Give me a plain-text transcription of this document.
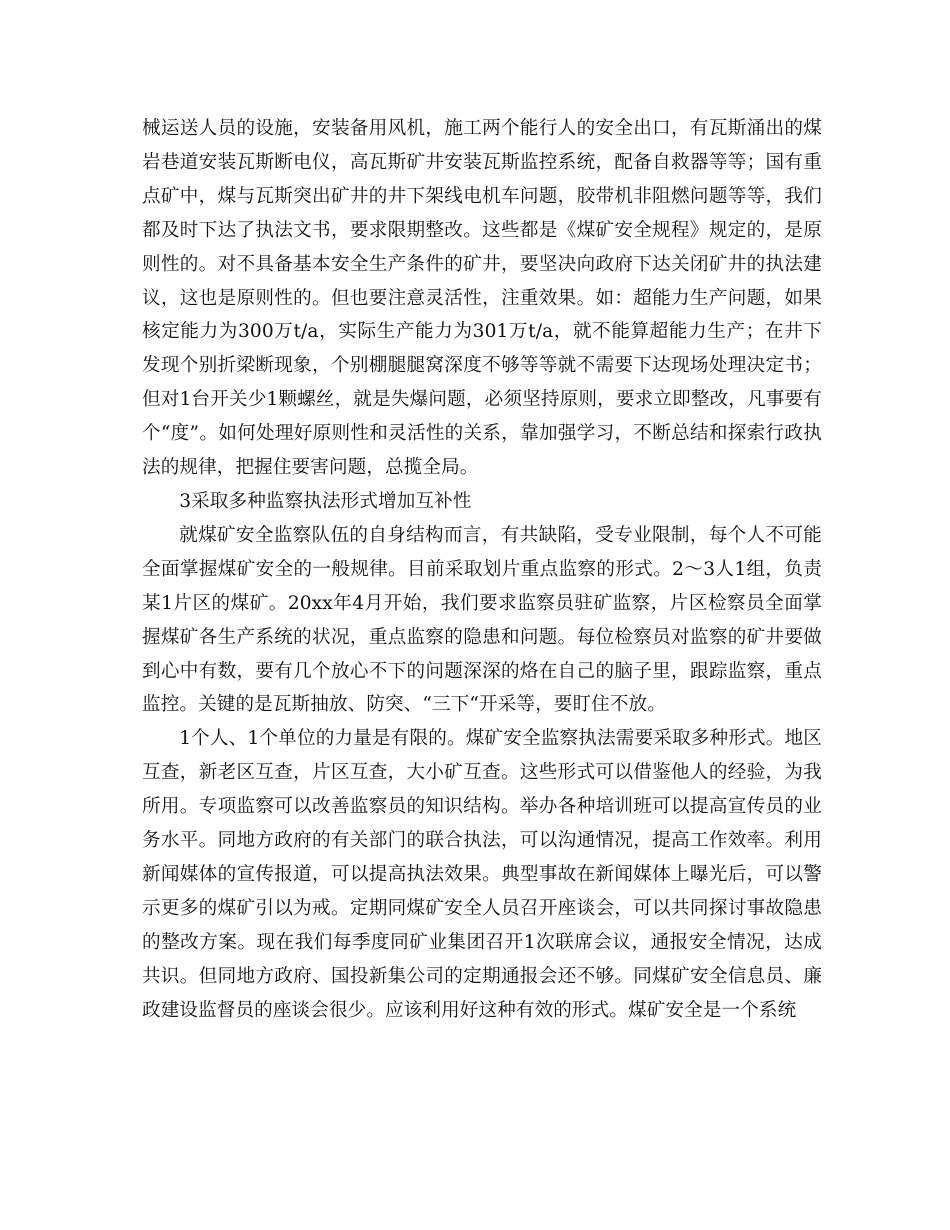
械运送人员的设施，安装备用风机，施工两个能行人的安全出口，有瓦斯涌出的煤岩巷道安装瓦斯断电仪，高瓦斯矿井安装瓦斯监控系统，配备自救器等等；国有重点矿中，煤与瓦斯突出矿井的井下架线电机车问题，胶带机非阻燃问题等等，我们都及时下达了执法文书，要求限期整改。这些都是《煤矿安全规程》规定的，是原则性的。对不具备基本安全生产条件的矿井，要坚决向政府下达关闭矿井的执法建议，这也是原则性的。但也要注意灵活性，注重效果。如：超能力生产问题，如果核定能力为300万t/a，实际生产能力为301万t/a，就不能算超能力生产；在井下发现个别折梁断现象，个别棚腿腿窝深度不够等等就不需要下达现场处理决定书；但对1台开关少1颗螺丝，就是失爆问题，必须坚持原则，要求立即整改，凡事要有个“度”。如何处理好原则性和灵活性的关系，靠加强学习，不断总结和探索行政执法的规律，把握住要害问题，总揽全局。

3采取多种监察执法形式增加互补性

就煤矿安全监察队伍的自身结构而言，有共缺陷，受专业限制，每个人不可能全面掌握煤矿安全的一般规律。目前采取划片重点监察的形式。2～3人1组，负责某1片区的煤矿。20xx年4月开始，我们要求监察员驻矿监察，片区检察员全面掌握煤矿各生产系统的状况，重点监察的隐患和问题。每位检察员对监察的矿井要做到心中有数，要有几个放心不下的问题深深的烙在自己的脑子里，跟踪监察，重点监控。关键的是瓦斯抽放、防突、“三下“开采等，要盯住不放。

1个人、1个单位的力量是有限的。煤矿安全监察执法需要采取多种形式。地区互查，新老区互查，片区互查，大小矿互查。这些形式可以借鉴他人的经验，为我所用。专项监察可以改善监察员的知识结构。举办各种培训班可以提高宣传员的业务水平。同地方政府的有关部门的联合执法，可以沟通情况，提高工作效率。利用新闻媒体的宣传报道，可以提高执法效果。典型事故在新闻媒体上曝光后，可以警示更多的煤矿引以为戒。定期同煤矿安全人员召开座谈会，可以共同探讨事故隐患的整改方案。现在我们每季度同矿业集团召开1次联席会议，通报安全情况，达成共识。但同地方政府、国投新集公司的定期通报会还不够。同煤矿安全信息员、廉政建设监督员的座谈会很少。应该利用好这种有效的形式。煤矿安全是一个系统
